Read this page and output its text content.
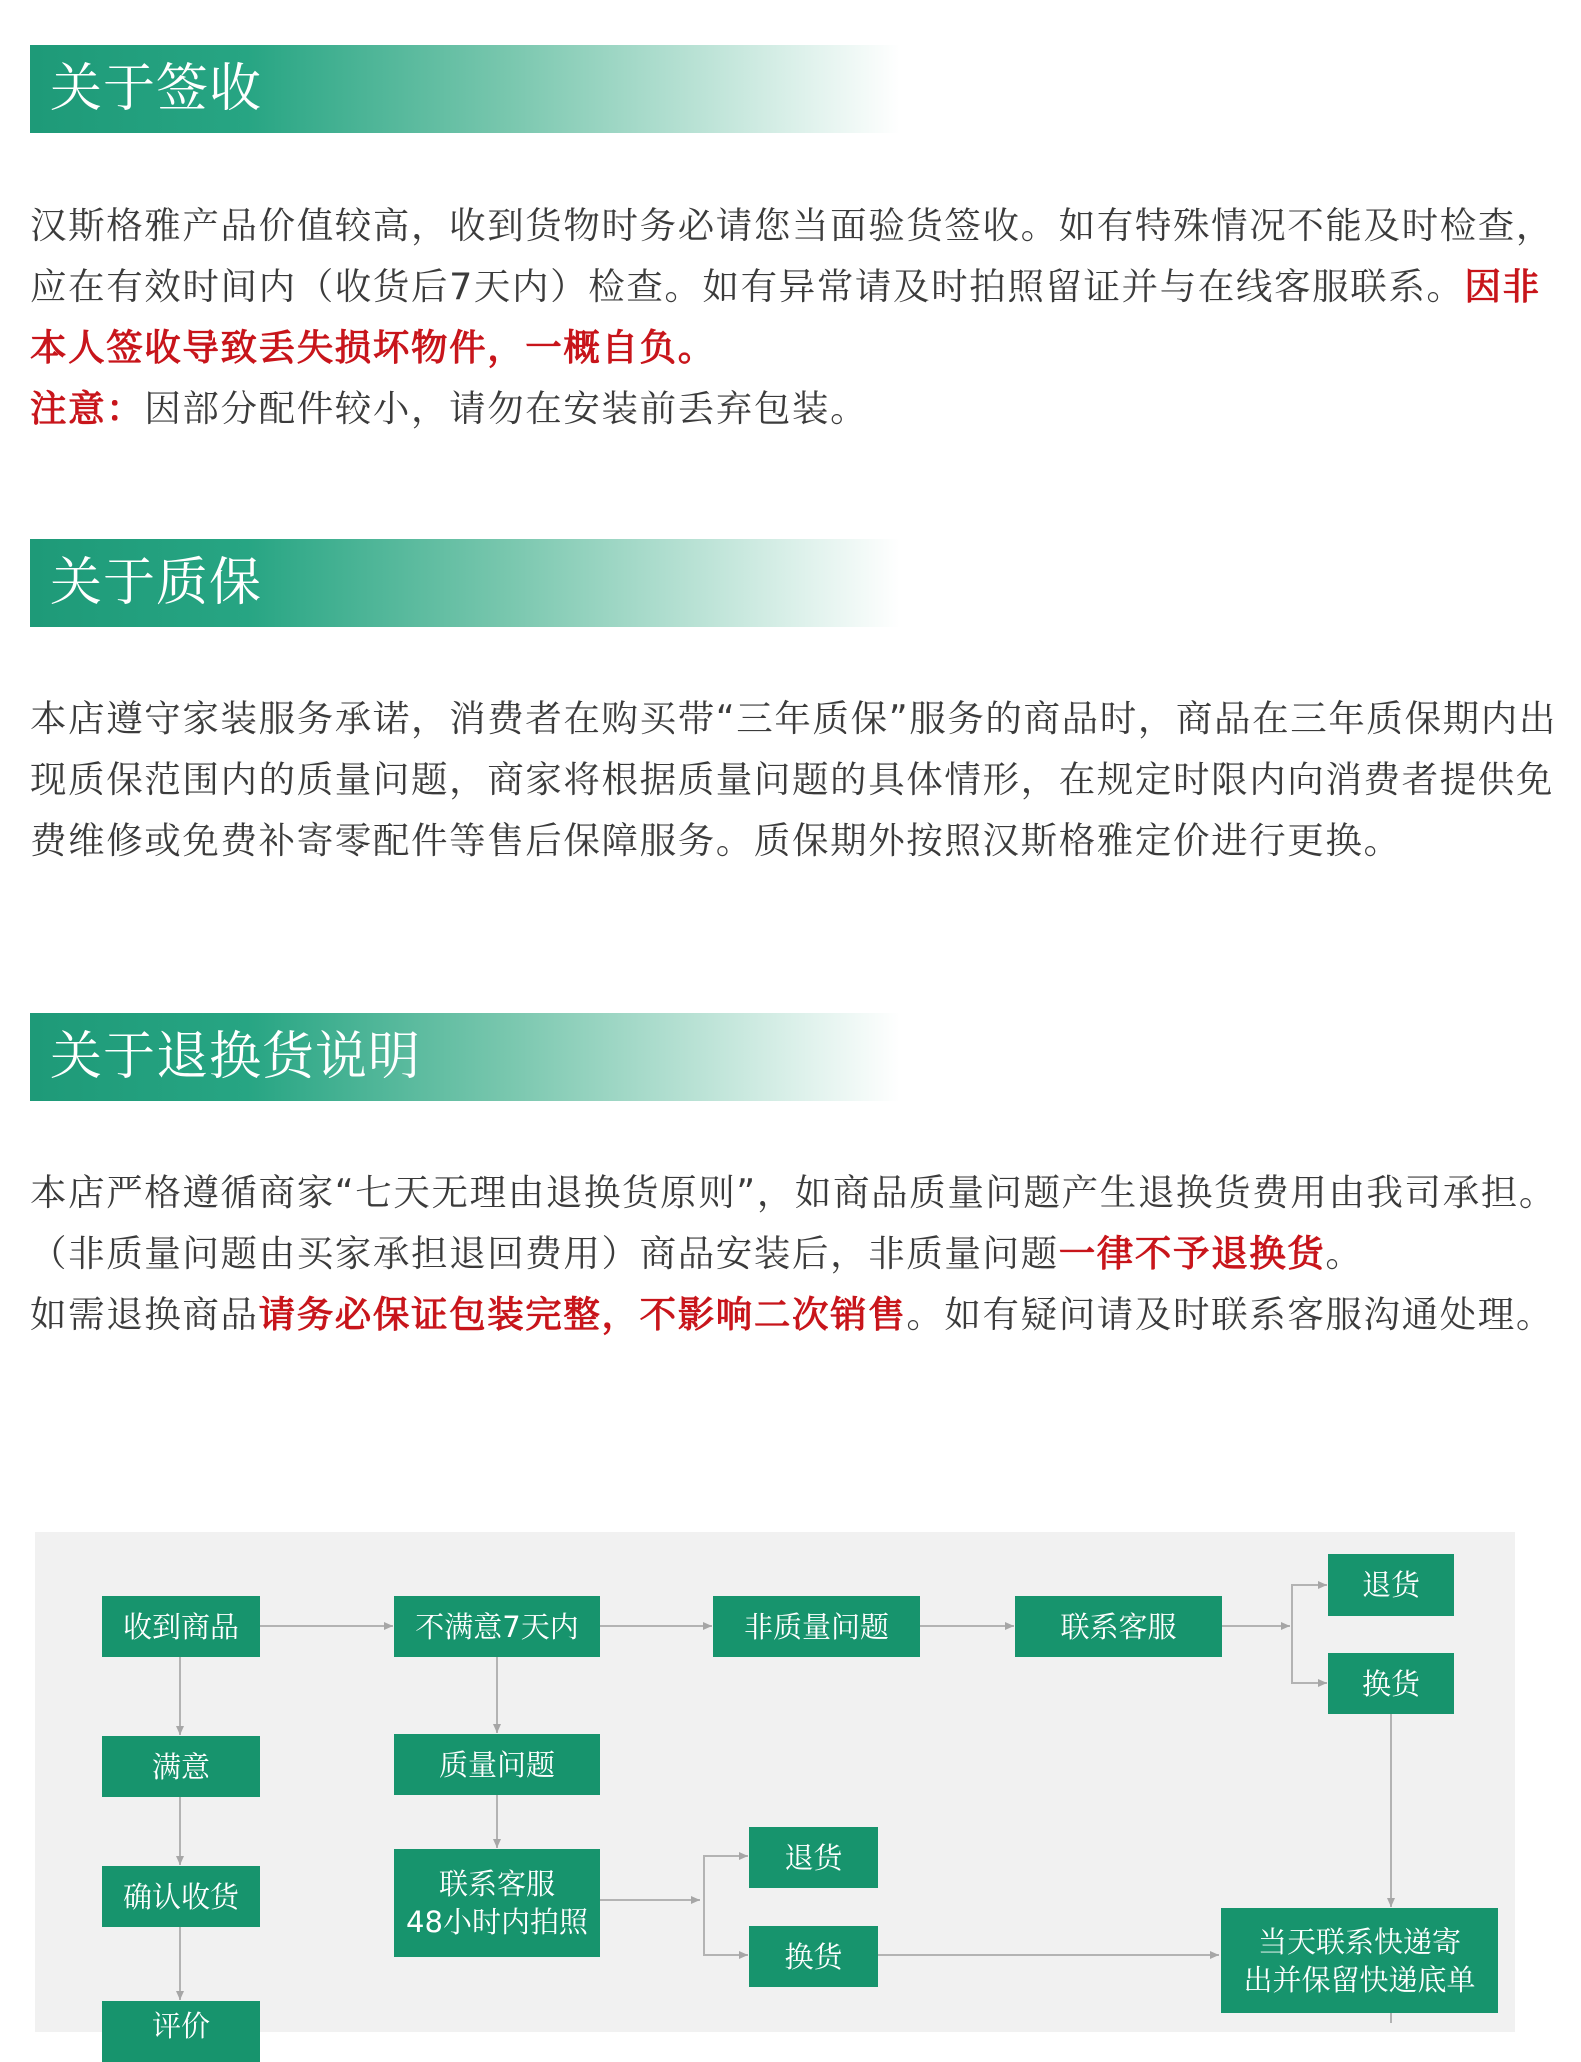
关于签收

汉斯格雅产品价值较高，收到货物时务必请您当面验货签收。如有特殊情况不能及时检查，应在有效时间内（收货后7天内）检查。如有异常请及时拍照留证并与在线客服联系。因非本人签收导致丢失损坏物件，一概自负。
注意：因部分配件较小，请勿在安装前丢弃包装。

关于质保

本店遵守家装服务承诺，消费者在购买带“三年质保”服务的商品时，商品在三年质保期内出现质保范围内的质量问题，商家将根据质量问题的具体情形，在规定时限内向消费者提供免费维修或免费补寄零配件等售后保障服务。质保期外按照汉斯格雅定价进行更换。

关于退换货说明

本店严格遵循商家“七天无理由退换货原则”，如商品质量问题产生退换货费用由我司承担。（非质量问题由买家承担退回费用）商品安装后，非质量问题一律不予退换货。
如需退换商品请务必保证包装完整，不影响二次销售。如有疑问请及时联系客服沟通处理。

收到商品	不满意7天内	非质量问题	联系客服
退货
换货
满意	质量问题
确认收货	联系客服
48小时内拍照
退货
换货	当天联系快递寄
出并保留快递底单
评价
